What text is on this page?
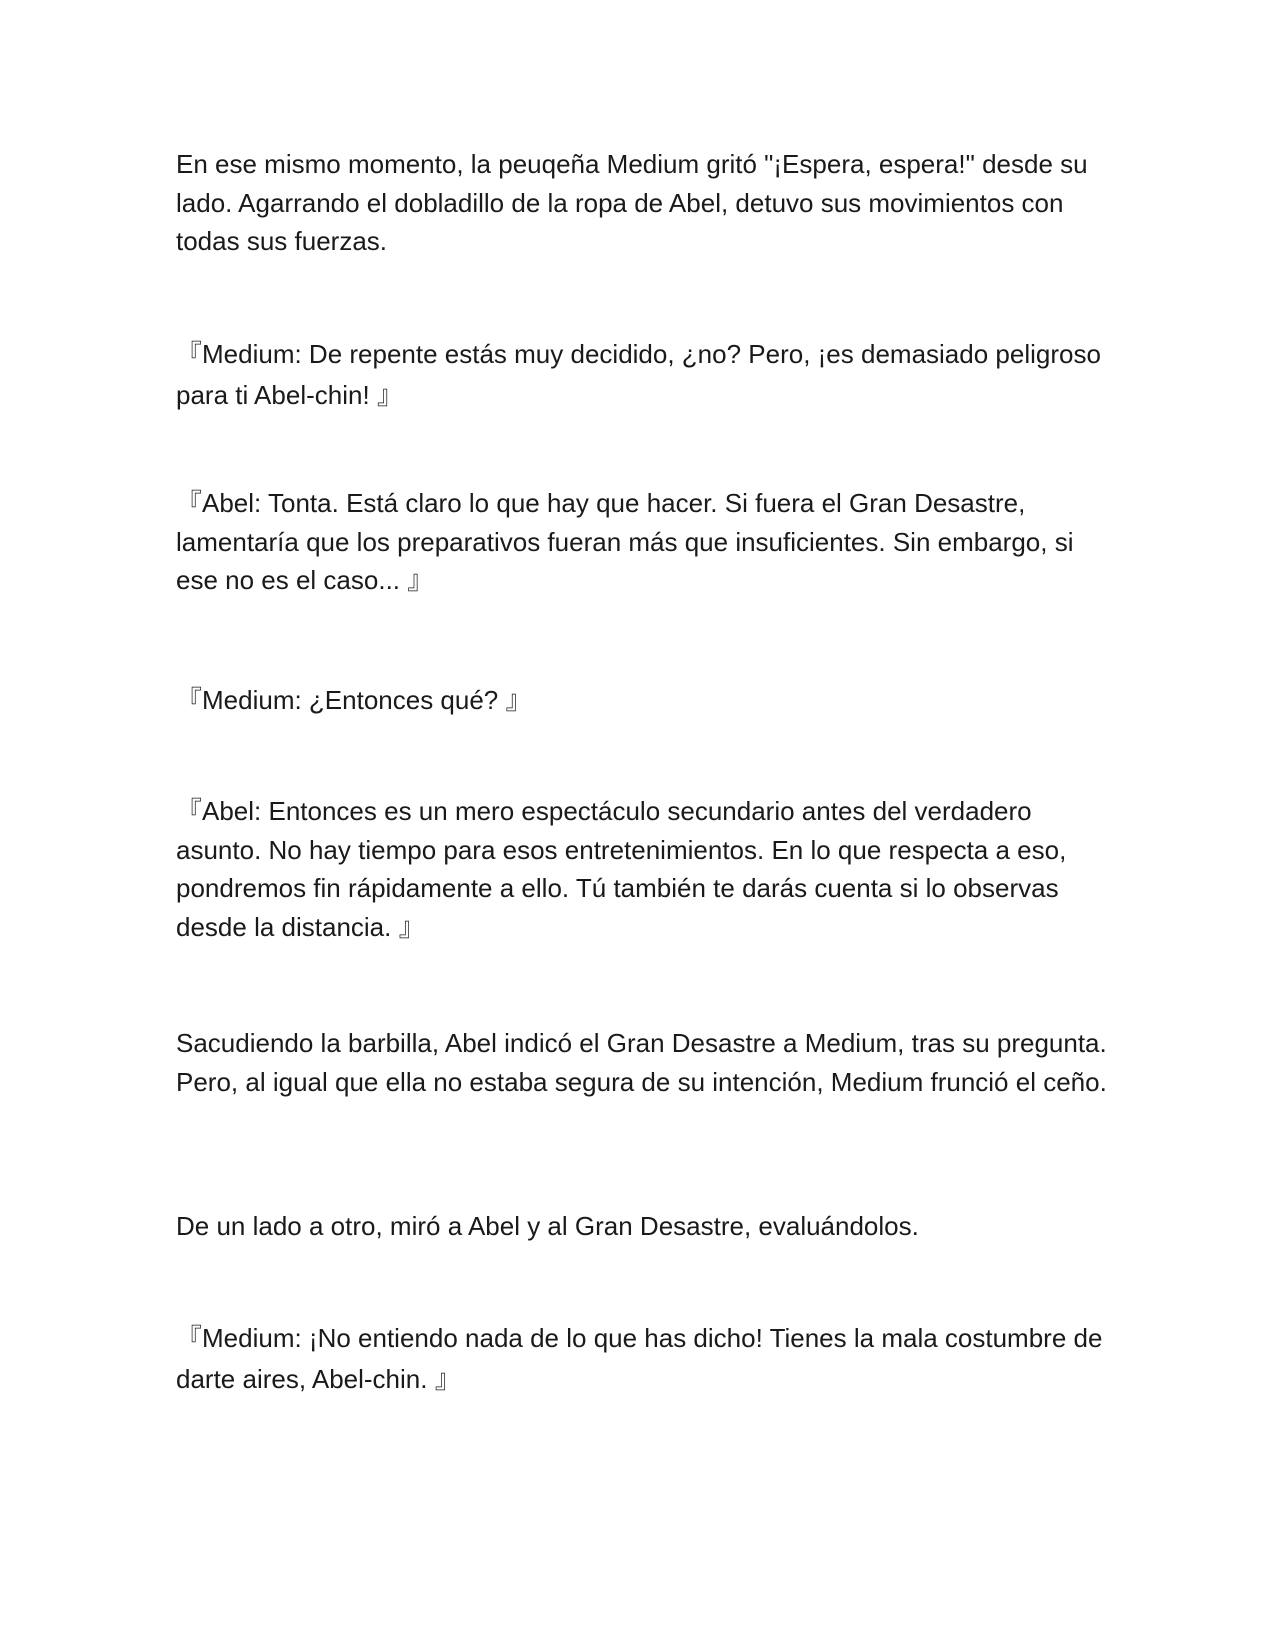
En ese mismo momento, la peuqeña Medium gritó "¡Espera, espera!" desde su lado. Agarrando el dobladillo de la ropa de Abel, detuvo sus movimientos con todas sus fuerzas.

『Medium: De repente estás muy decidido, ¿no? Pero, ¡es demasiado peligroso para ti Abel-chin! 』

『Abel: Tonta. Está claro lo que hay que hacer. Si fuera el Gran Desastre, lamentaría que los preparativos fueran más que insuficientes. Sin embargo, si ese no es el caso... 』

『Medium: ¿Entonces qué? 』

『Abel: Entonces es un mero espectáculo secundario antes del verdadero asunto. No hay tiempo para esos entretenimientos. En lo que respecta a eso, pondremos fin rápidamente a ello. Tú también te darás cuenta si lo observas desde la distancia. 』

Sacudiendo la barbilla, Abel indicó el Gran Desastre a Medium, tras su pregunta. Pero, al igual que ella no estaba segura de su intención, Medium frunció el ceño.

De un lado a otro, miró a Abel y al Gran Desastre, evaluándolos.

『Medium: ¡No entiendo nada de lo que has dicho! Tienes la mala costumbre de darte aires, Abel-chin. 』
